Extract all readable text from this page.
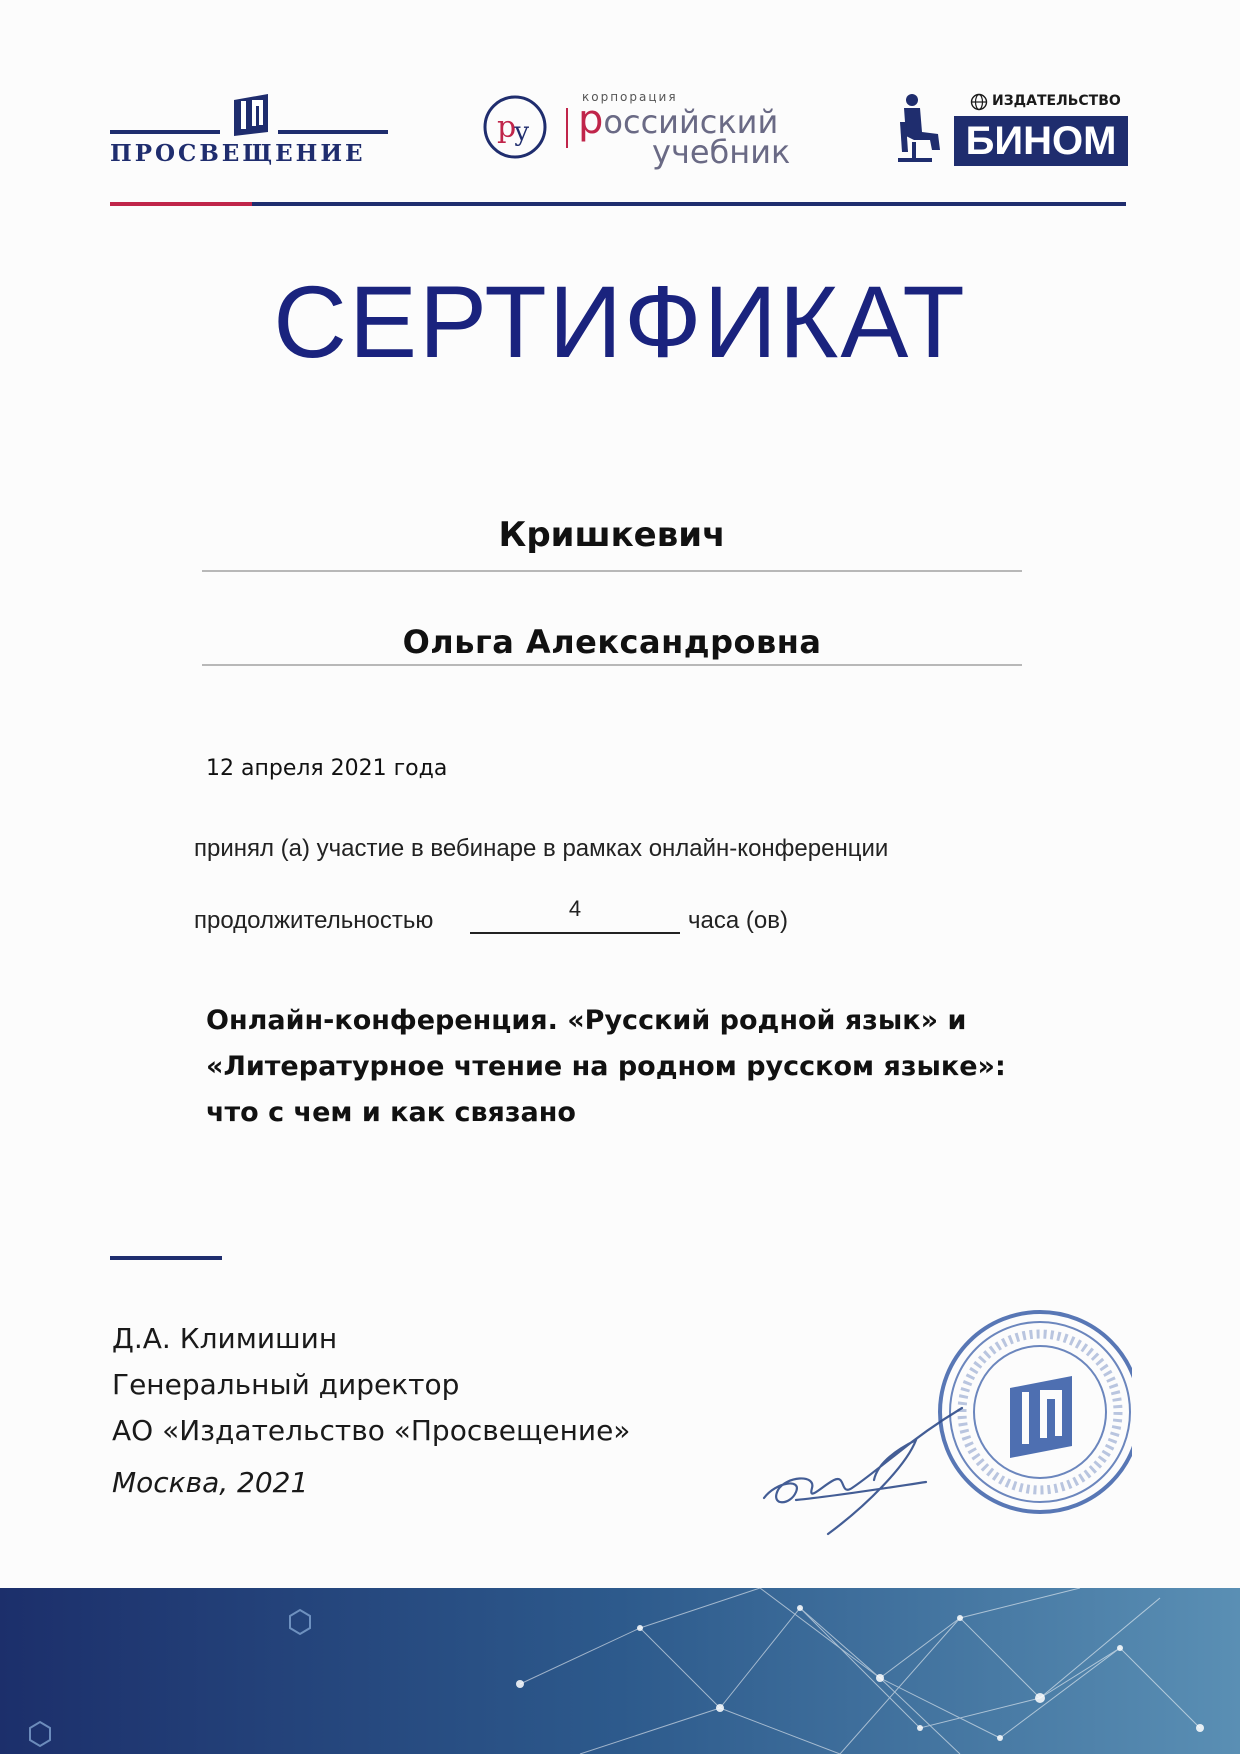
ПРОСВЕЩЕНИЕ
р
у
корпорация
российский
учебник
ИЗДАТЕЛЬСТВО
БИНОМ
СЕРТИФИКАТ
Кришкевич
Ольга Александровна
12 апреля 2021 года
принял (а) участие в вебинаре в рамках онлайн-конференции
продолжительностью	4	часа (ов)
Онлайн-конференция. «Русский родной язык» и «Литературное чтение на родном русском языке»: что с чем и как связано
Д.А. Климишин
Генеральный директор
АО «Издательство «Просвещение»
Москва, 2021
